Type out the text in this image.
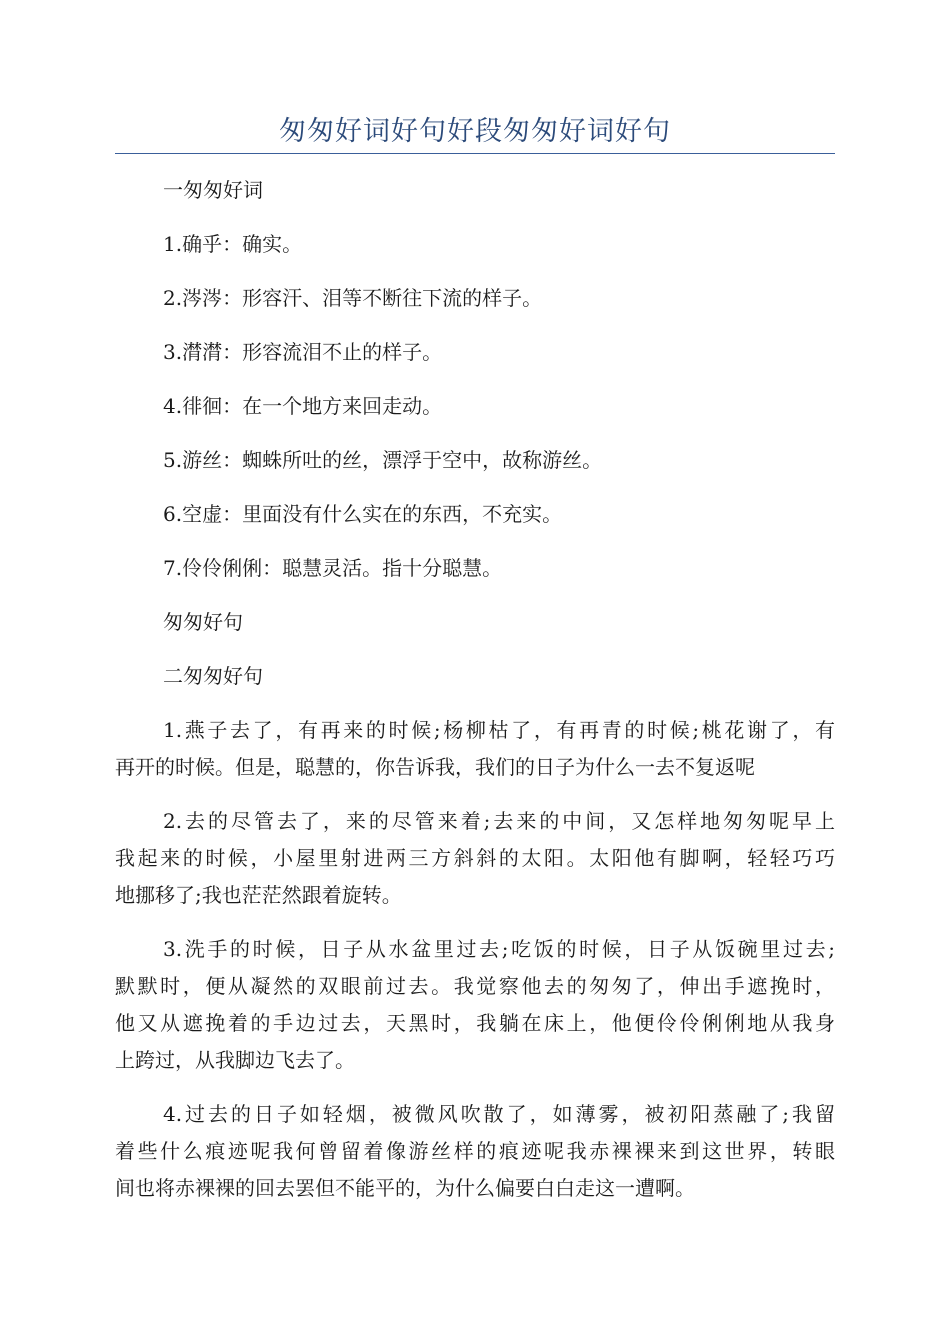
匆匆好词好句好段匆匆好词好句

一匆匆好词

1.确乎：确实。

2.涔涔：形容汗、泪等不断往下流的样子。

3.潸潸：形容流泪不止的样子。

4.徘徊：在一个地方来回走动。

5.游丝：蜘蛛所吐的丝，漂浮于空中，故称游丝。

6.空虚：里面没有什么实在的东西，不充实。

7.伶伶俐俐：聪慧灵活。指十分聪慧。

匆匆好句

二匆匆好句

1.燕子去了，有再来的时候;杨柳枯了，有再青的时候;桃花谢了，有
再开的时候。但是，聪慧的，你告诉我，我们的日子为什么一去不复返呢
2.去的尽管去了，来的尽管来着;去来的中间，又怎样地匆匆呢早上
我起来的时候，小屋里射进两三方斜斜的太阳。太阳他有脚啊，轻轻巧巧
地挪移了;我也茫茫然跟着旋转。
3.洗手的时候，日子从水盆里过去;吃饭的时候，日子从饭碗里过去;
默默时，便从凝然的双眼前过去。我觉察他去的匆匆了，伸出手遮挽时，
他又从遮挽着的手边过去，天黑时，我躺在床上，他便伶伶俐俐地从我身
上跨过，从我脚边飞去了。
4.过去的日子如轻烟，被微风吹散了，如薄雾，被初阳蒸融了;我留
着些什么痕迹呢我何曾留着像游丝样的痕迹呢我赤裸裸来到这世界，转眼
间也将赤裸裸的回去罢但不能平的，为什么偏要白白走这一遭啊。
